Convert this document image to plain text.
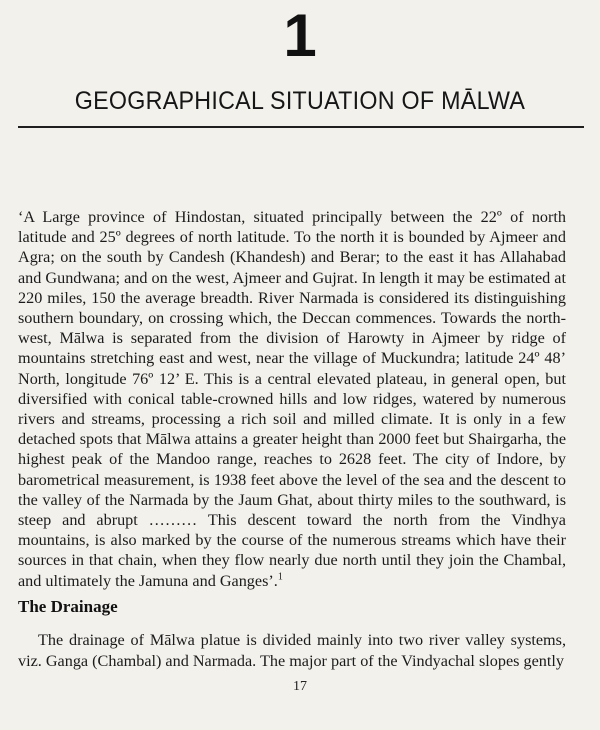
1
GEOGRAPHICAL SITUATION OF MĀLWA

‘A Large province of Hindostan, situated principally between the 22º of north latitude and 25º degrees of north latitude. To the north it is bounded by Ajmeer and Agra; on the south by Candesh (Khandesh) and Berar; to the east it has Allahabad and Gundwana; and on the west, Ajmeer and Gujrat. In length it may be estimated at 220 miles, 150 the average breadth. River Narmada is considered its distinguishing southern boundary, on crossing which, the Deccan commences. Towards the north-west, Mālwa is separated from the division of Harowty in Ajmeer by ridge of mountains stretching east and west, near the village of Muckundra; latitude 24º 48’ North, longitude 76º 12’ E. This is a central elevated plateau, in general open, but diversified with conical table-crowned hills and low ridges, watered by numerous rivers and streams, processing a rich soil and milled climate. It is only in a few detached spots that Mālwa attains a greater height than 2000 feet but Shairgarha, the highest peak of the Mandoo range, reaches to 2628 feet. The city of Indore, by barometrical measurement, is 1938 feet above the level of the sea and the descent to the valley of the Narmada by the Jaum Ghat, about thirty miles to the southward, is steep and abrupt ……… This descent toward the north from the Vindhya mountains, is also marked by the course of the numerous streams which have their sources in that chain, when they flow nearly due north until they join the Chambal, and ultimately the Jamuna and Ganges’.$^1$

The Drainage

The drainage of Mālwa platue is divided mainly into two river valley systems, viz. Ganga (Chambal) and Narmada. The major part of the Vindyachal slopes gently

17
